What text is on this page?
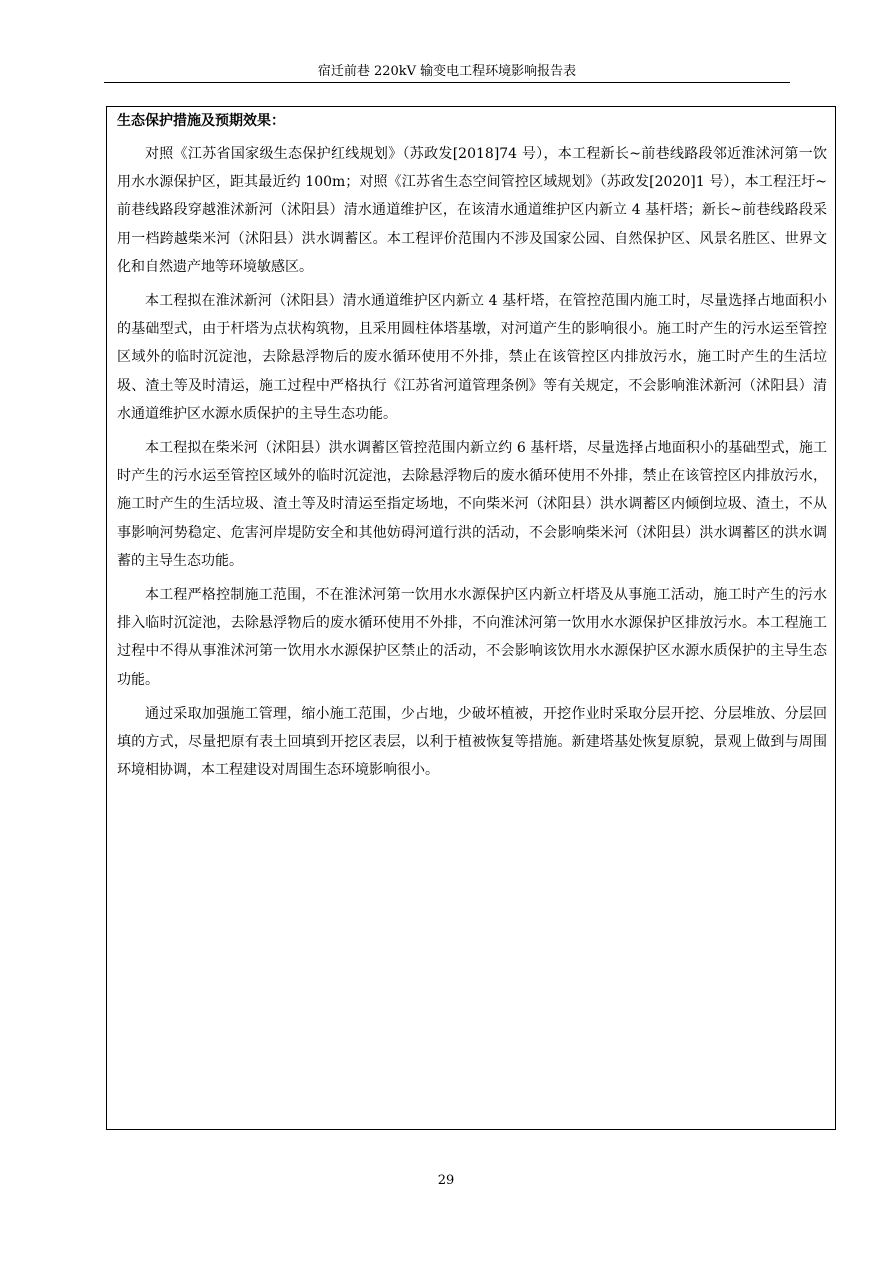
宿迁前巷 220kV 输变电工程环境影响报告表
生态保护措施及预期效果：

对照《江苏省国家级生态保护红线规划》（苏政发[2018]74 号），本工程新长~前巷线路段邻近淮沭河第一饮用水水源保护区，距其最近约 100m；对照《江苏省生态空间管控区域规划》（苏政发[2020]1 号），本工程汪圩~前巷线路段穿越淮沭新河（沭阳县）清水通道维护区，在该清水通道维护区内新立 4 基杆塔；新长~前巷线路段采用一档跨越柴米河（沭阳县）洪水调蓄区。本工程评价范围内不涉及国家公园、自然保护区、风景名胜区、世界文化和自然遗产地等环境敏感区。

本工程拟在淮沭新河（沭阳县）清水通道维护区内新立 4 基杆塔，在管控范围内施工时，尽量选择占地面积小的基础型式，由于杆塔为点状构筑物，且采用圆柱体塔基墩，对河道产生的影响很小。施工时产生的污水运至管控区域外的临时沉淀池，去除悬浮物后的废水循环使用不外排，禁止在该管控区内排放污水，施工时产生的生活垃圾、渣土等及时清运，施工过程中严格执行《江苏省河道管理条例》等有关规定，不会影响淮沭新河（沭阳县）清水通道维护区水源水质保护的主导生态功能。

本工程拟在柴米河（沭阳县）洪水调蓄区管控范围内新立约 6 基杆塔，尽量选择占地面积小的基础型式，施工时产生的污水运至管控区域外的临时沉淀池，去除悬浮物后的废水循环使用不外排，禁止在该管控区内排放污水，施工时产生的生活垃圾、渣土等及时清运至指定场地，不向柴米河（沭阳县）洪水调蓄区内倾倒垃圾、渣土，不从事影响河势稳定、危害河岸堤防安全和其他妨碍河道行洪的活动，不会影响柴米河（沭阳县）洪水调蓄区的洪水调蓄的主导生态功能。

本工程严格控制施工范围，不在淮沭河第一饮用水水源保护区内新立杆塔及从事施工活动，施工时产生的污水排入临时沉淀池，去除悬浮物后的废水循环使用不外排，不向淮沭河第一饮用水水源保护区排放污水。本工程施工过程中不得从事淮沭河第一饮用水水源保护区禁止的活动，不会影响该饮用水水源保护区水源水质保护的主导生态功能。

通过采取加强施工管理，缩小施工范围，少占地，少破坏植被，开挖作业时采取分层开挖、分层堆放、分层回填的方式，尽量把原有表土回填到开挖区表层，以利于植被恢复等措施。新建塔基处恢复原貌，景观上做到与周围环境相协调，本工程建设对周围生态环境影响很小。

29
